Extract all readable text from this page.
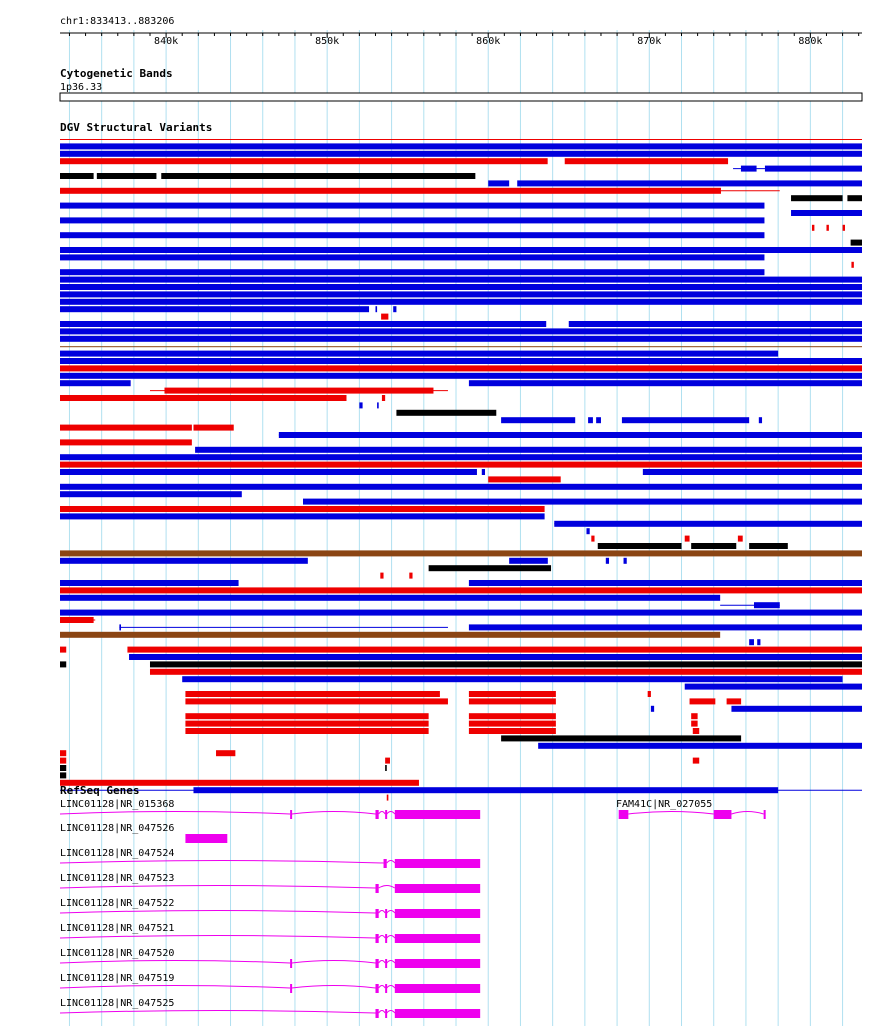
chr1:833413..883206
840k	850k	860k	870k	880k
Cytogenetic Bands
1p36.33
DGV Structural Variants
RefSeq Genes
LINC01128|NR_015368	FAM41C|NR_027055
LINC01128|NR_047526
LINC01128|NR_047524
LINC01128|NR_047523
LINC01128|NR_047522
LINC01128|NR_047521
LINC01128|NR_047520
LINC01128|NR_047519
LINC01128|NR_047525
